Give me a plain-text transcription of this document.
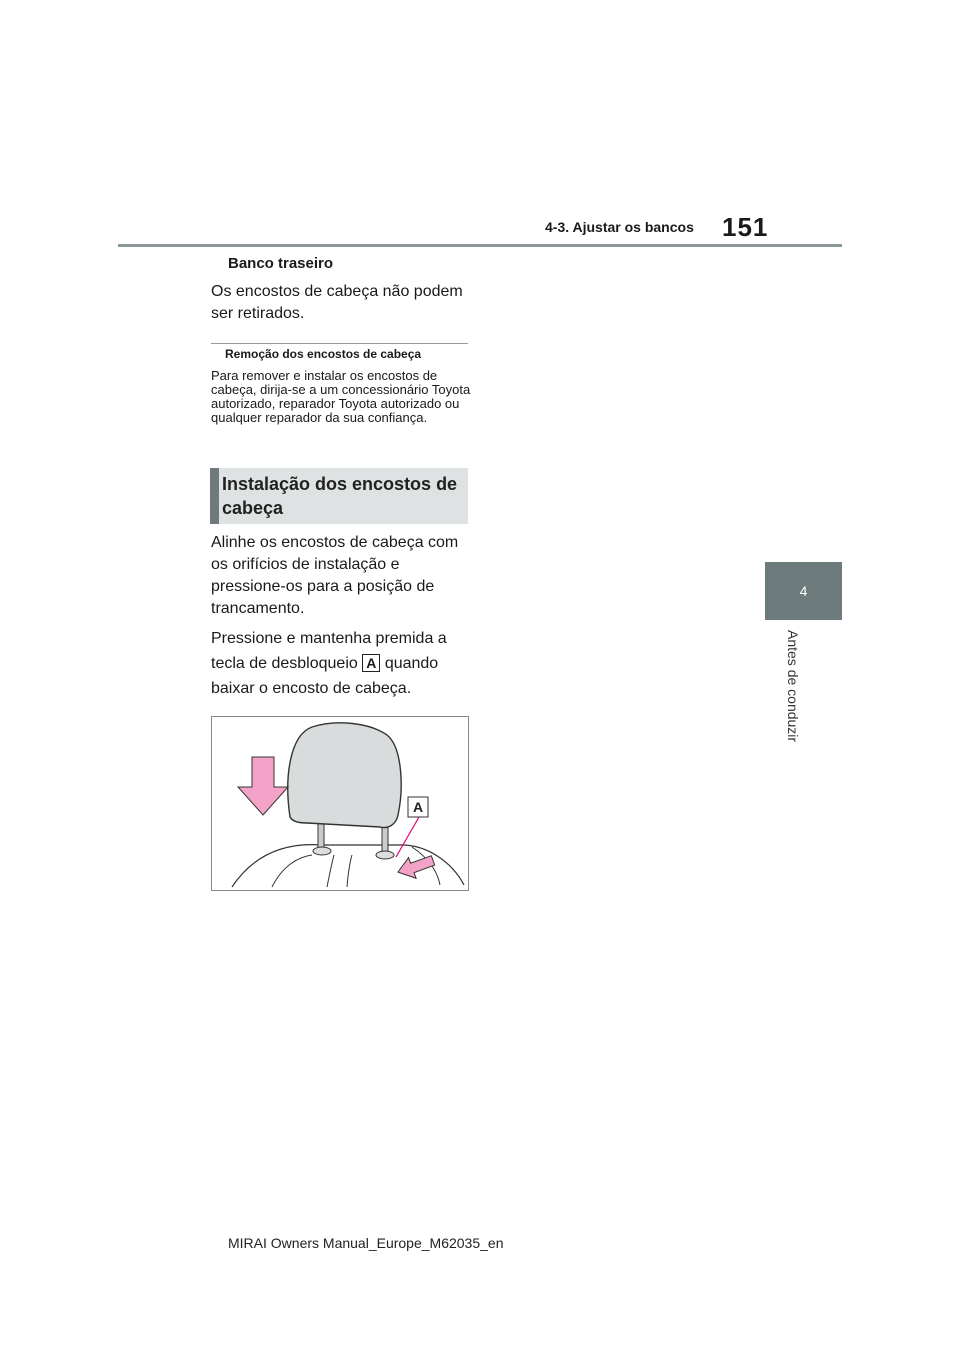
4-3. Ajustar os bancos 151
4
Antes de conduzir
Banco traseiro
Os encostos de cabeça não podem ser retirados.
Remoção dos encostos de cabeça
Para remover e instalar os encostos de cabeça, dirija-se a um concessionário Toyota autorizado, reparador Toyota autorizado ou qualquer reparador da sua confiança.
Instalação dos encostos de cabeça
Alinhe os encostos de cabeça com os orifícios de instalação e pressione-os para a posição de trancamento.
Pressione e mantenha premida a tecla de desbloqueio A quando baixar o encosto de cabeça.
A
MIRAI Owners Manual_Europe_M62035_en
